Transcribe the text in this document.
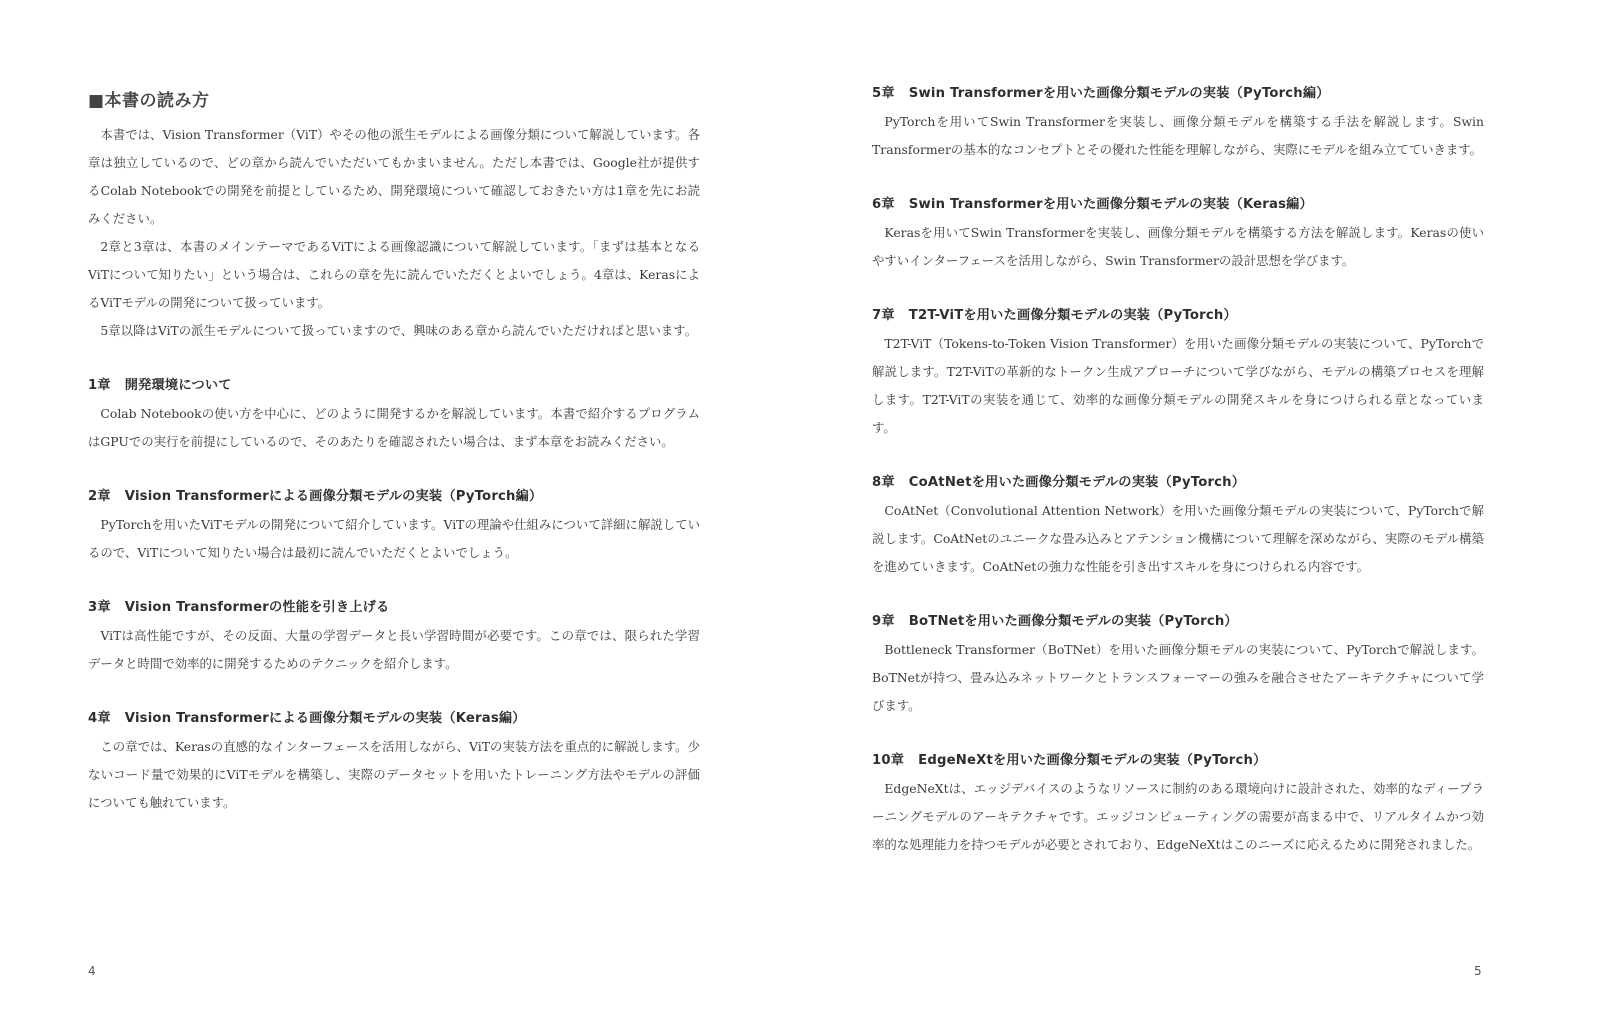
■本書の読み方

本書では、Vision Transformer（ViT）やその他の派生モデルによる画像分類について解説しています。各章は独立しているので、どの章から読んでいただいてもかまいません。ただし本書では、Google社が提供するColab Notebookでの開発を前提としているため、開発環境について確認しておきたい方は1章を先にお読みください。

2章と3章は、本書のメインテーマであるViTによる画像認識について解説しています。「まずは基本となるViTについて知りたい」という場合は、これらの章を先に読んでいただくとよいでしょう。4章は、KerasによるViTモデルの開発について扱っています。

5章以降はViTの派生モデルについて扱っていますので、興味のある章から読んでいただければと思います。

1章 開発環境について

Colab Notebookの使い方を中心に、どのように開発するかを解説しています。本書で紹介するプログラムはGPUでの実行を前提にしているので、そのあたりを確認されたい場合は、まず本章をお読みください。

2章 Vision Transformerによる画像分類モデルの実装（PyTorch編）

PyTorchを用いたViTモデルの開発について紹介しています。ViTの理論や仕組みについて詳細に解説しているので、ViTについて知りたい場合は最初に読んでいただくとよいでしょう。

3章 Vision Transformerの性能を引き上げる

ViTは高性能ですが、その反面、大量の学習データと長い学習時間が必要です。この章では、限られた学習データと時間で効率的に開発するためのテクニックを紹介します。

4章 Vision Transformerによる画像分類モデルの実装（Keras編）

この章では、Kerasの直感的なインターフェースを活用しながら、ViTの実装方法を重点的に解説します。少ないコード量で効果的にViTモデルを構築し、実際のデータセットを用いたトレーニング方法やモデルの評価についても触れています。

4
5章 Swin Transformerを用いた画像分類モデルの実装（PyTorch編）

PyTorchを用いてSwin Transformerを実装し、画像分類モデルを構築する手法を解説します。Swin Transformerの基本的なコンセプトとその優れた性能を理解しながら、実際にモデルを組み立てていきます。

6章 Swin Transformerを用いた画像分類モデルの実装（Keras編）

Kerasを用いてSwin Transformerを実装し、画像分類モデルを構築する方法を解説します。Kerasの使いやすいインターフェースを活用しながら、Swin Transformerの設計思想を学びます。

7章 T2T-ViTを用いた画像分類モデルの実装（PyTorch）

T2T-ViT（Tokens-to-Token Vision Transformer）を用いた画像分類モデルの実装について、PyTorchで解説します。T2T-ViTの革新的なトークン生成アプローチについて学びながら、モデルの構築プロセスを理解します。T2T-ViTの実装を通じて、効率的な画像分類モデルの開発スキルを身につけられる章となっています。

8章 CoAtNetを用いた画像分類モデルの実装（PyTorch）

CoAtNet（Convolutional Attention Network）を用いた画像分類モデルの実装について、PyTorchで解説します。CoAtNetのユニークな畳み込みとアテンション機構について理解を深めながら、実際のモデル構築を進めていきます。CoAtNetの強力な性能を引き出すスキルを身につけられる内容です。

9章 BoTNetを用いた画像分類モデルの実装（PyTorch）

Bottleneck Transformer（BoTNet）を用いた画像分類モデルの実装について、PyTorchで解説します。BoTNetが持つ、畳み込みネットワークとトランスフォーマーの強みを融合させたアーキテクチャについて学びます。

10章 EdgeNeXtを用いた画像分類モデルの実装（PyTorch）

EdgeNeXtは、エッジデバイスのようなリソースに制約のある環境向けに設計された、効率的なディープラーニングモデルのアーキテクチャです。エッジコンピューティングの需要が高まる中で、リアルタイムかつ効率的な処理能力を持つモデルが必要とされており、EdgeNeXtはこのニーズに応えるために開発されました。

5
